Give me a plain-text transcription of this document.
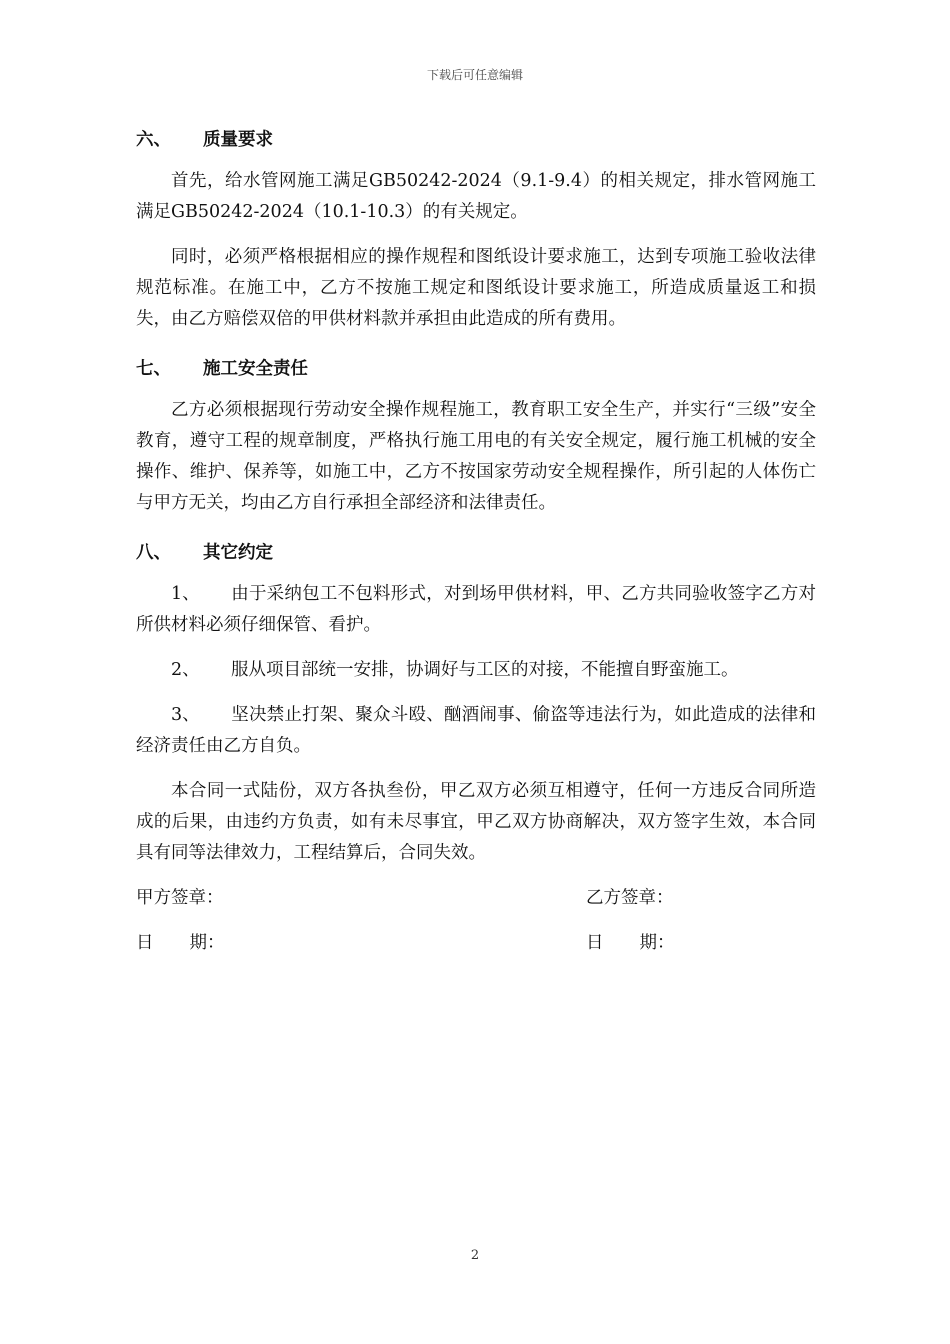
下载后可任意编辑
六、 质量要求

首先，给水管网施工满足GB50242-2024（9.1-9.4）的相关规定，排水管网施工满足GB50242-2024（10.1-10.3）的有关规定。

同时，必须严格根据相应的操作规程和图纸设计要求施工，达到专项施工验收法律规范标准。在施工中，乙方不按施工规定和图纸设计要求施工，所造成质量返工和损失，由乙方赔偿双倍的甲供材料款并承担由此造成的所有费用。

七、 施工安全责任

乙方必须根据现行劳动安全操作规程施工，教育职工安全生产，并实行“三级”安全教育，遵守工程的规章制度，严格执行施工用电的有关安全规定，履行施工机械的安全操作、维护、保养等，如施工中，乙方不按国家劳动安全规程操作，所引起的人体伤亡与甲方无关，均由乙方自行承担全部经济和法律责任。

八、 其它约定

1、 由于采纳包工不包料形式，对到场甲供材料，甲、乙方共同验收签字乙方对所供材料必须仔细保管、看护。

2、 服从项目部统一安排，协调好与工区的对接，不能擅自野蛮施工。

3、 坚决禁止打架、聚众斗殴、酗酒闹事、偷盗等违法行为，如此造成的法律和经济责任由乙方自负。

本合同一式陆份，双方各执叁份，甲乙双方必须互相遵守，任何一方违反合同所造成的后果，由违约方负责，如有未尽事宜，甲乙双方协商解决，双方签字生效，本合同具有同等法律效力，工程结算后，合同失效。

甲方签章：	乙方签章：
日 期：	日 期：
2
